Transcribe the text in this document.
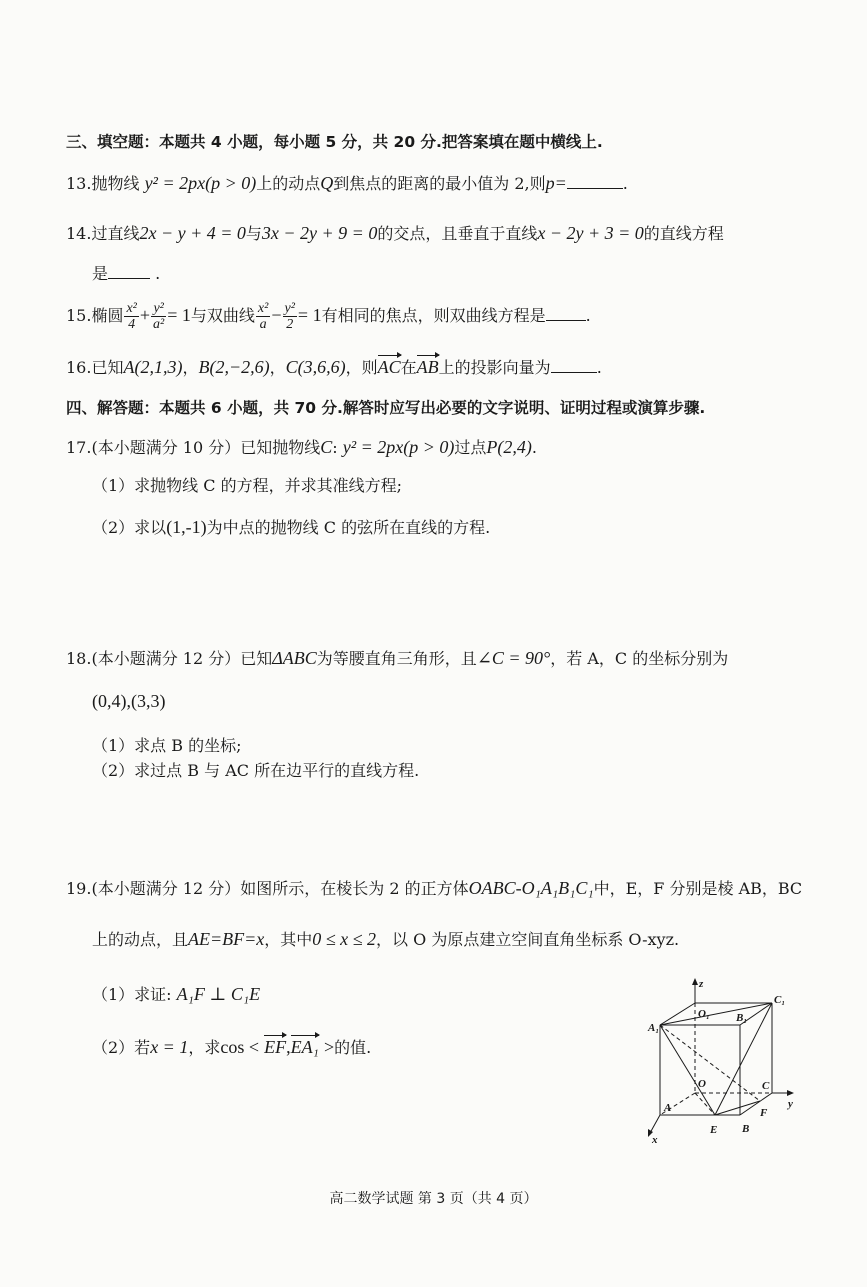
三、填空题：本题共 4 小题，每小题 5 分，共 20 分.把答案填在题中横线上.
13.抛物线 y² = 2px(p > 0)上的动点Q到焦点的距离的最小值为 2,则p=	.
14.过直线2x − y + 4 = 0与3x − 2y + 9 = 0的交点，且垂直于直线x − 2y + 3 = 0的直线方程
是	.
15.椭圆 $\frac{\text{x²}}{4} + \frac{\text{y²}}{\text{a²}} = 1$与双曲线 $\frac{\text{x²}}{a} - \frac{\text{y²}}{2} = 1$有相同的焦点，则双曲线方程是	.
16.已知A(2,1,3)，B(2,−2,6)，C(3,6,6)，则AC在AB上的投影向量为	.
四、解答题：本题共 6 小题，共 70 分.解答时应写出必要的文字说明、证明过程或演算步骤.
17.(本小题满分 10 分）已知抛物线C: y² = 2px(p > 0)过点P(2,4).
（1）求抛物线 C 的方程，并求其准线方程;
（2）求以(1,-1)为中点的抛物线 C 的弦所在直线的方程.
18.(本小题满分 12 分）已知ΔABC为等腰直角三角形，且∠C = 90°，若 A，C 的坐标分别为
(0,4),(3,3)
（1）求点 B 的坐标;
（2）求过点 B 与 AC 所在边平行的直线方程.
19.(本小题满分 12 分）如图所示，在棱长为 2 的正方体OABC-O₁A₁B₁C₁中，E，F 分别是棱 AB，BC
上的动点，且AE=BF=x，其中0 ≤ x ≤ 2，以 O 为原点建立空间直角坐标系 O-xyz.
（1）求证: A₁F ⊥ C₁E
（2）若x = 1，求cos < EF,EA₁ >的值.
z
y
x
O
A
B
C
O₁
A₁
B₁
C₁
E
F
高二数学试题 第 3 页（共 4 页）
